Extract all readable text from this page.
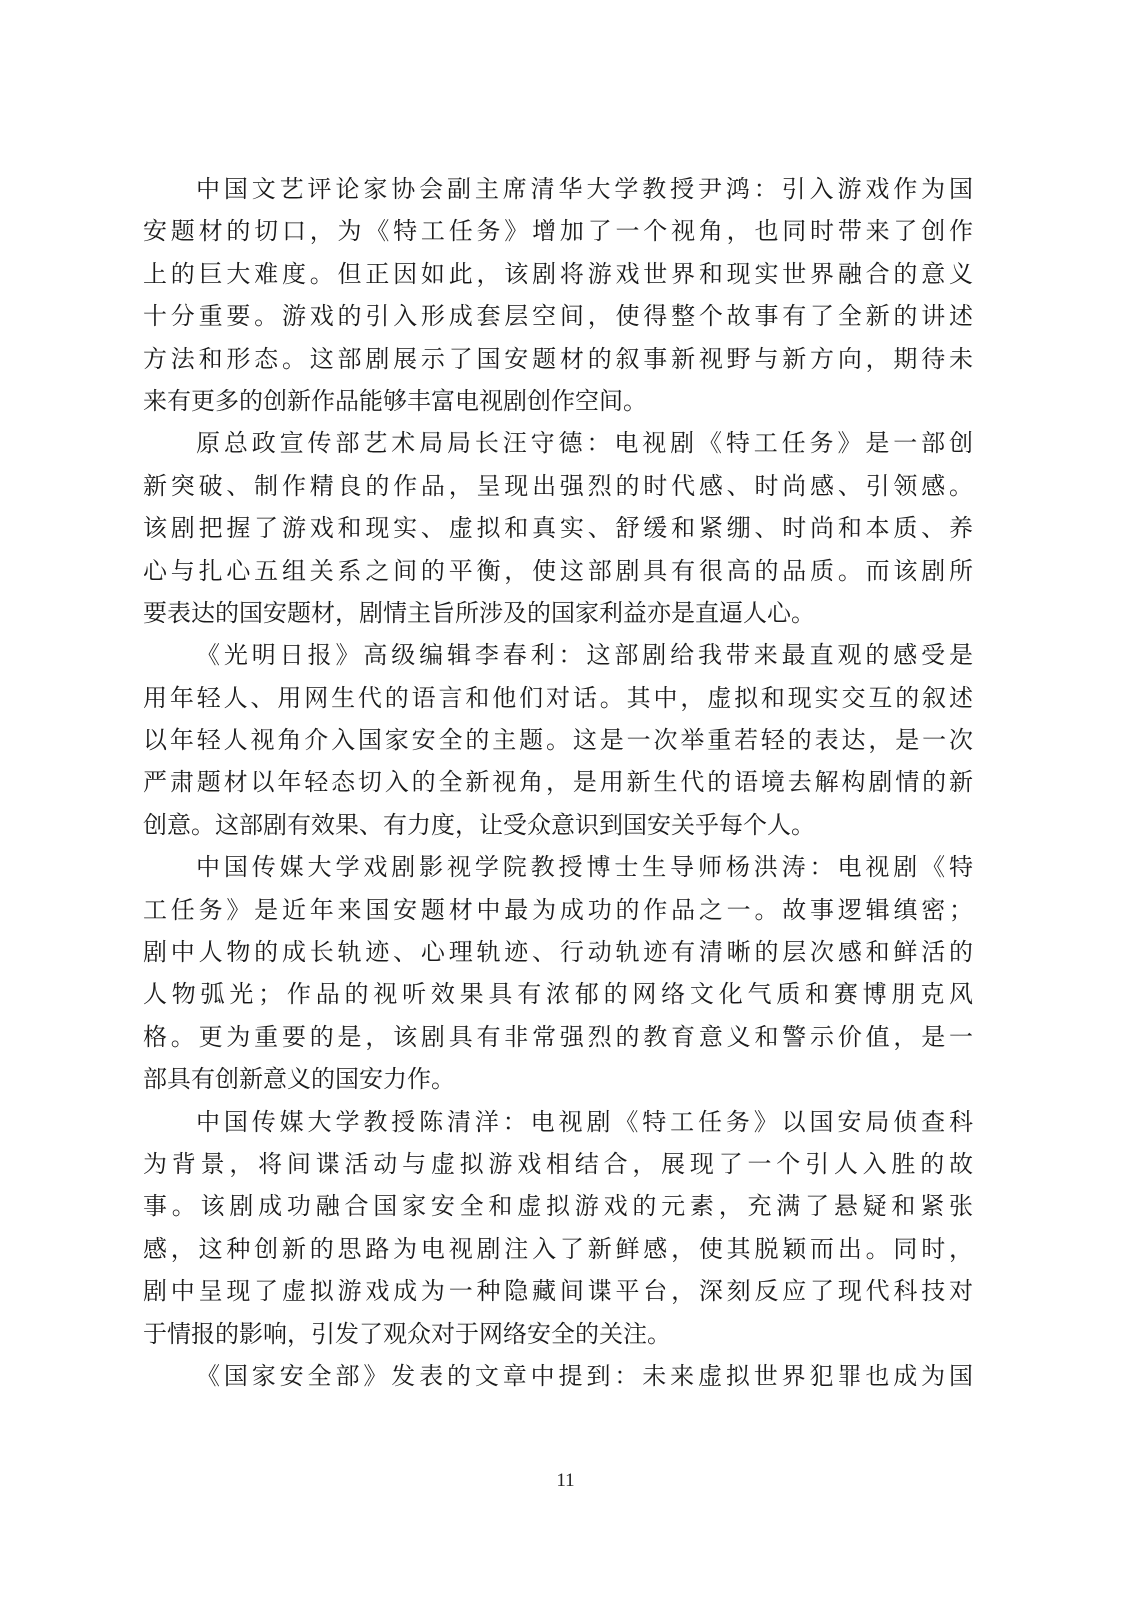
中国文艺评论家协会副主席清华大学教授尹鸿：引入游戏作为国
安题材的切口，为《特工任务》增加了一个视角，也同时带来了创作
上的巨大难度。但正因如此，该剧将游戏世界和现实世界融合的意义
十分重要。游戏的引入形成套层空间，使得整个故事有了全新的讲述
方法和形态。这部剧展示了国安题材的叙事新视野与新方向，期待未
来有更多的创新作品能够丰富电视剧创作空间。
原总政宣传部艺术局局长汪守德：电视剧《特工任务》是一部创
新突破、制作精良的作品，呈现出强烈的时代感、时尚感、引领感。
该剧把握了游戏和现实、虚拟和真实、舒缓和紧绷、时尚和本质、养
心与扎心五组关系之间的平衡，使这部剧具有很高的品质。而该剧所
要表达的国安题材，剧情主旨所涉及的国家利益亦是直逼人心。
《光明日报》高级编辑李春利：这部剧给我带来最直观的感受是
用年轻人、用网生代的语言和他们对话。其中，虚拟和现实交互的叙述
以年轻人视角介入国家安全的主题。这是一次举重若轻的表达，是一次
严肃题材以年轻态切入的全新视角，是用新生代的语境去解构剧情的新
创意。这部剧有效果、有力度，让受众意识到国安关乎每个人。
中国传媒大学戏剧影视学院教授博士生导师杨洪涛：电视剧《特
工任务》是近年来国安题材中最为成功的作品之一。故事逻辑缜密；
剧中人物的成长轨迹、心理轨迹、行动轨迹有清晰的层次感和鲜活的
人物弧光；作品的视听效果具有浓郁的网络文化气质和赛博朋克风
格。更为重要的是，该剧具有非常强烈的教育意义和警示价值，是一
部具有创新意义的国安力作。
中国传媒大学教授陈清洋：电视剧《特工任务》以国安局侦查科
为背景，将间谍活动与虚拟游戏相结合，展现了一个引人入胜的故
事。该剧成功融合国家安全和虚拟游戏的元素，充满了悬疑和紧张
感，这种创新的思路为电视剧注入了新鲜感，使其脱颖而出。同时，
剧中呈现了虚拟游戏成为一种隐藏间谍平台，深刻反应了现代科技对
于情报的影响，引发了观众对于网络安全的关注。
《国家安全部》发表的文章中提到：未来虚拟世界犯罪也成为国
11
